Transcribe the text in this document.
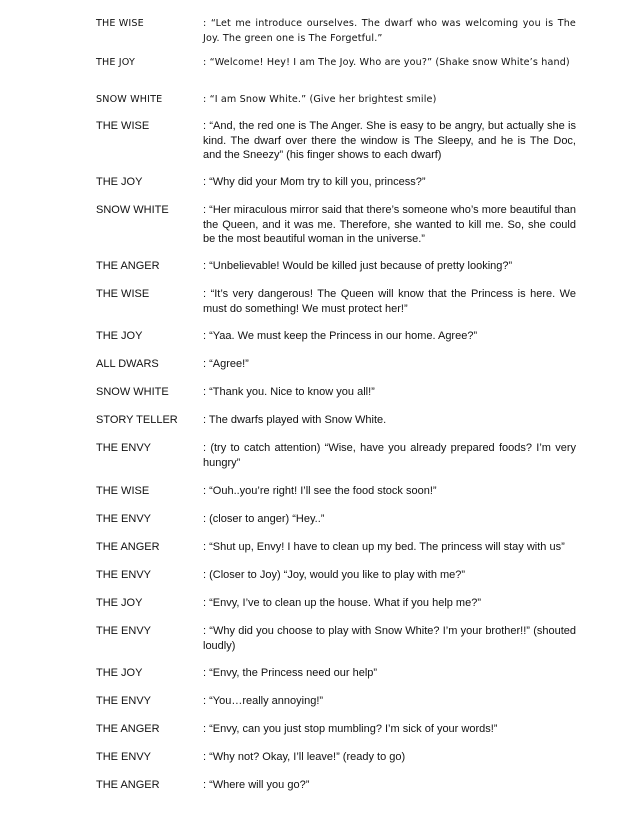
THE WISE	: “Let me introduce ourselves. The dwarf who was welcoming you is The Joy. The green one is The Forgetful.”
THE JOY	: “Welcome! Hey! I am The Joy. Who are you?” (Shake snow White’s hand)
SNOW WHITE	: “I am Snow White.” (Give her brightest smile)
THE WISE	: “And, the red one is The Anger. She is easy to be angry, but actually she is kind. The dwarf over there the window is The Sleepy, and he is The Doc, and the Sneezy” (his finger shows to each dwarf)
THE JOY	: “Why did your Mom try to kill you, princess?”
SNOW WHITE	: “Her miraculous mirror said that there’s someone who’s more beautiful than the Queen, and it was me. Therefore, she wanted to kill me. So, she could be the most beautiful woman in the universe.”
THE ANGER	: “Unbelievable! Would be killed just because of pretty looking?”
THE WISE	: “It’s very dangerous! The Queen will know that the Princess is here. We must do something! We must protect her!”
THE JOY	: “Yaa. We must keep the Princess in our home. Agree?”
ALL DWARS	: “Agree!”
SNOW WHITE	: “Thank you. Nice to know you all!”
STORY TELLER	: The dwarfs played with Snow White.
THE ENVY	: (try to catch attention) “Wise, have you already prepared foods? I’m very hungry”
THE WISE	: “Ouh..you’re right! I’ll see the food stock soon!”
THE ENVY	: (closer to anger) “Hey..”
THE ANGER	: “Shut up, Envy! I have to clean up my bed. The princess will stay with us”
THE ENVY	: (Closer to Joy) “Joy, would you like to play with me?”
THE JOY	: “Envy, I’ve to clean up the house. What if you help me?”
THE ENVY	: “Why did you choose to play with Snow White? I’m your brother!!” (shouted loudly)
THE JOY	: “Envy, the Princess need our help”
THE ENVY	: “You…really annoying!”
THE ANGER	: “Envy, can you just stop mumbling? I’m sick of your words!”
THE ENVY	: “Why not? Okay, I’ll leave!” (ready to go)
THE ANGER	: “Where will you go?”
